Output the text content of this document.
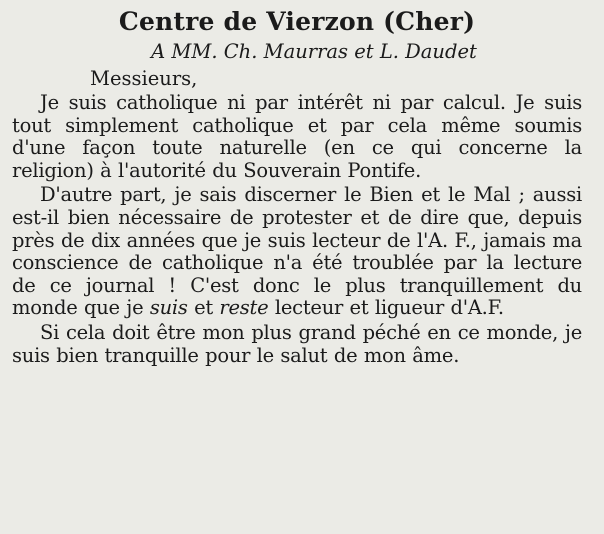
Centre de Vierzon (Cher)

A MM. Ch. Maurras et L. Daudet

Messieurs,

Je suis catholique ni par intérêt ni par calcul. Je suis tout simplement catholique et par cela même soumis d'une façon toute naturelle (en ce qui concerne la religion) à l'autorité du Souverain Pontife.

D'autre part, je sais discerner le Bien et le Mal ; aussi est-il bien nécessaire de protester et de dire que, depuis près de dix années que je suis lecteur de l'A. F., jamais ma conscience de catholique n'a été troublée par la lecture de ce journal ! C'est donc le plus tranquillement du monde que je suis et reste lecteur et ligueur d'A.F.

Si cela doit être mon plus grand péché en ce monde, je suis bien tranquille pour le salut de mon âme.
